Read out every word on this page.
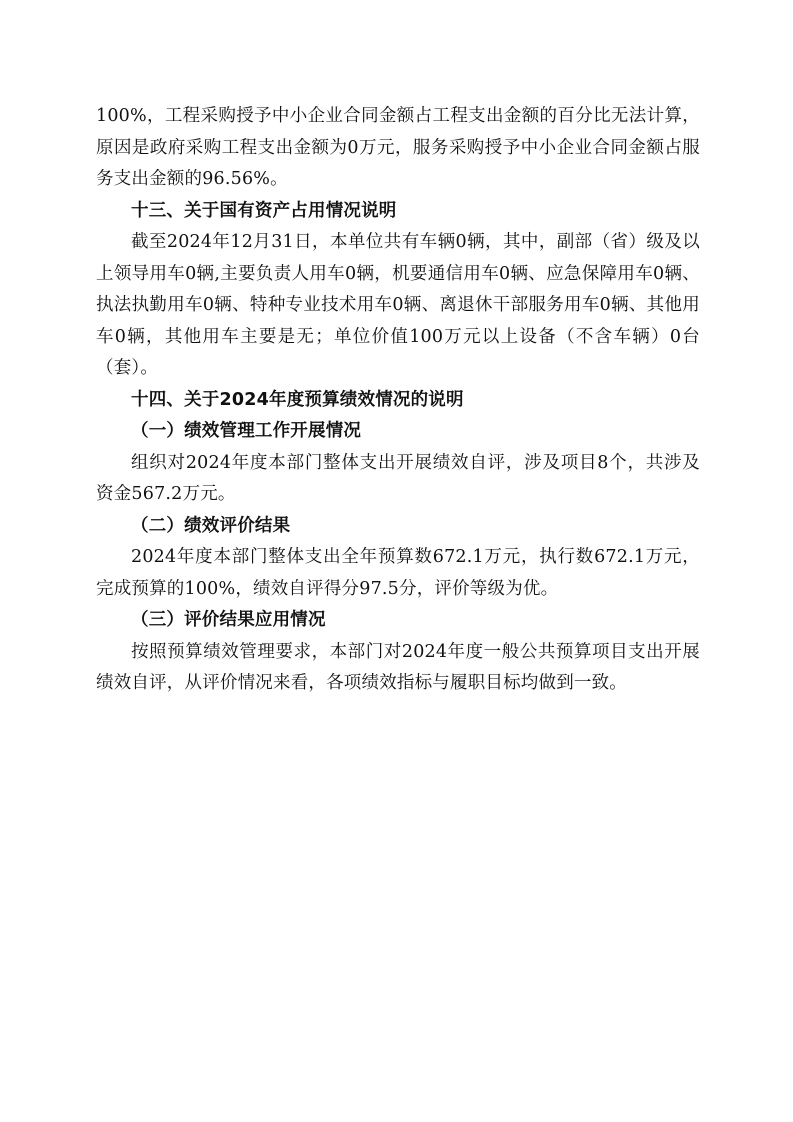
100%，工程采购授予中小企业合同金额占工程支出金额的百分比无法计算，原因是政府采购工程支出金额为0万元，服务采购授予中小企业合同金额占服务支出金额的96.56%。

十三、关于国有资产占用情况说明

截至2024年12月31日，本单位共有车辆0辆，其中，副部（省）级及以上领导用车0辆,主要负责人用车0辆，机要通信用车0辆、应急保障用车0辆、执法执勤用车0辆、特种专业技术用车0辆、离退休干部服务用车0辆、其他用车0辆，其他用车主要是无；单位价值100万元以上设备（不含车辆）0台（套）。

十四、关于2024年度预算绩效情况的说明

（一）绩效管理工作开展情况

组织对2024年度本部门整体支出开展绩效自评，涉及项目8个，共涉及资金567.2万元。

（二）绩效评价结果

2024年度本部门整体支出全年预算数672.1万元，执行数672.1万元，完成预算的100%，绩效自评得分97.5分，评价等级为优。

（三）评价结果应用情况

按照预算绩效管理要求，本部门对2024年度一般公共预算项目支出开展绩效自评，从评价情况来看，各项绩效指标与履职目标均做到一致。
